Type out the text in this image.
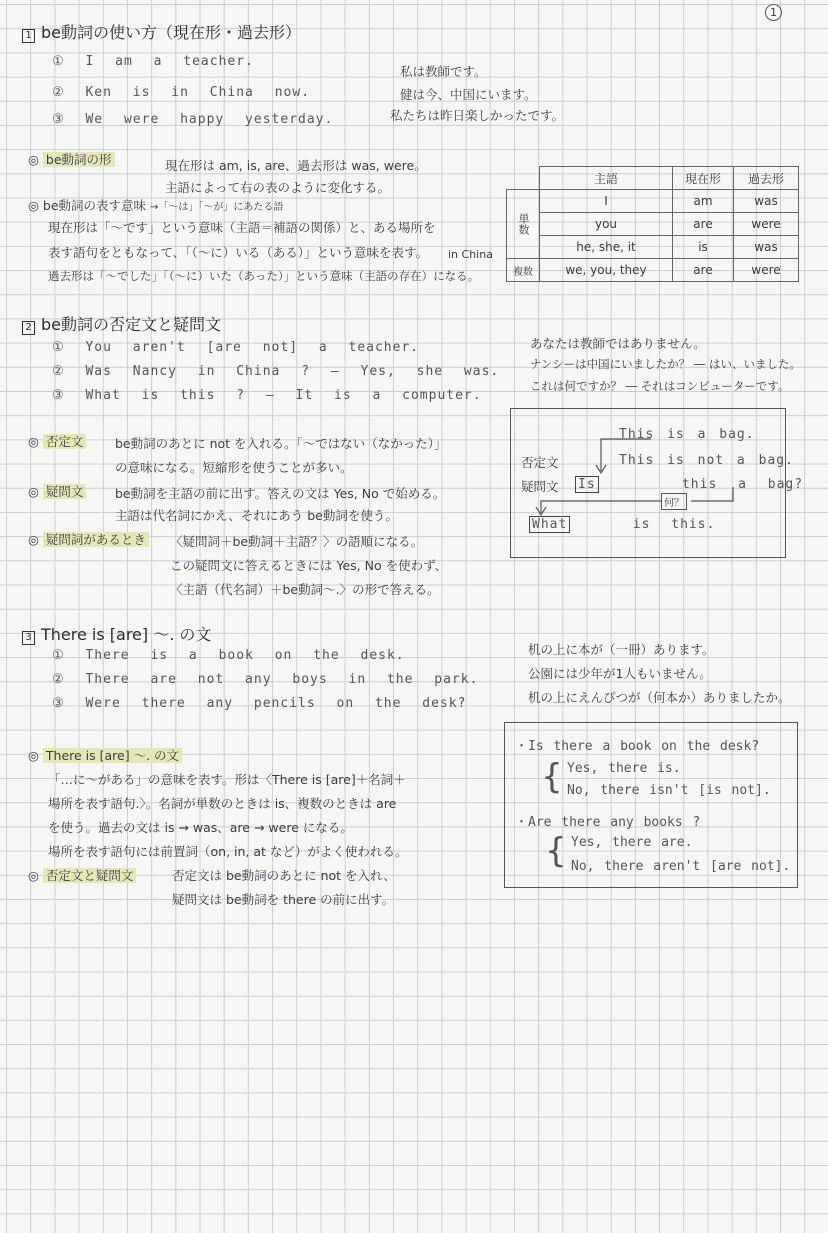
1
1 be動詞の使い方（現在形・過去形）
① I am a teacher.
② Ken is in China now.
③ We were happy yesterday.
私は教師です。
健は今、中国にいます。
私たちは昨日楽しかったです。
◎ be動詞の形	現在形は am, is, are、過去形は was, were。
主語によって右の表のように変化する。
◎ be動詞の表す意味 →「〜は」「〜が」にあたる語
現在形は「〜です」という意味（主語＝補語の関係）と、ある場所を
表す語句をともなって、「（〜に）いる（ある）」という意味を表す。 in China
過去形は「〜でした」「（〜に）いた（あった）」という意味（主語の存在）になる。
	主語	現在形	過去形
単数	I	am	was
	you	are	were
	he, she, it	is	was
複数	we, you, they	are	were
2 be動詞の否定文と疑問文
① You aren't [are not] a teacher.
② Was Nancy in China ? – Yes, she was.
③ What is this ? – It is a computer.
あなたは教師ではありません。
ナンシーは中国にいましたか？ ― はい、いました。
これは何ですか？ ― それはコンピューターです。
◎ 否定文	be動詞のあとに not を入れる。「〜ではない（なかった）」
の意味になる。短縮形を使うことが多い。
◎ 疑問文	be動詞を主語の前に出す。答えの文は Yes, No で始める。
主語は代名詞にかえ、それにあう be動詞を使う。
◎ 疑問詞があるとき 〈疑問詞＋be動詞＋主語？〉の語順になる。
この疑問文に答えるときには Yes, No を使わず、
〈主語（代名詞）＋be動詞〜.〉の形で答える。
否定文
疑問文
This is a bag.
This is not a bag.
Is	this a bag?
何？
What	is this.
3 There is [are] 〜. の文
① There is a book on the desk.
② There are not any boys in the park.
③ Were there any pencils on the desk?
机の上に本が（一冊）あります。
公園には少年が1人もいません。
机の上にえんぴつが（何本か）ありましたか。
◎ There is [are] 〜. の文
「…に〜がある」の意味を表す。形は〈There is [are]＋名詞＋
場所を表す語句.〉。名詞が単数のときは is、複数のときは are
を使う。過去の文は is → was、are → were になる。
場所を表す語句には前置詞（on, in, at など）がよく使われる。
◎ 否定文と疑問文	否定文は be動詞のあとに not を入れ、
疑問文は be動詞を there の前に出す。
・Is there a book on the desk?
{ Yes, there is.
No, there isn't [is not].
・Are there any books ?
{ Yes, there are.
No, there aren't [are not].
